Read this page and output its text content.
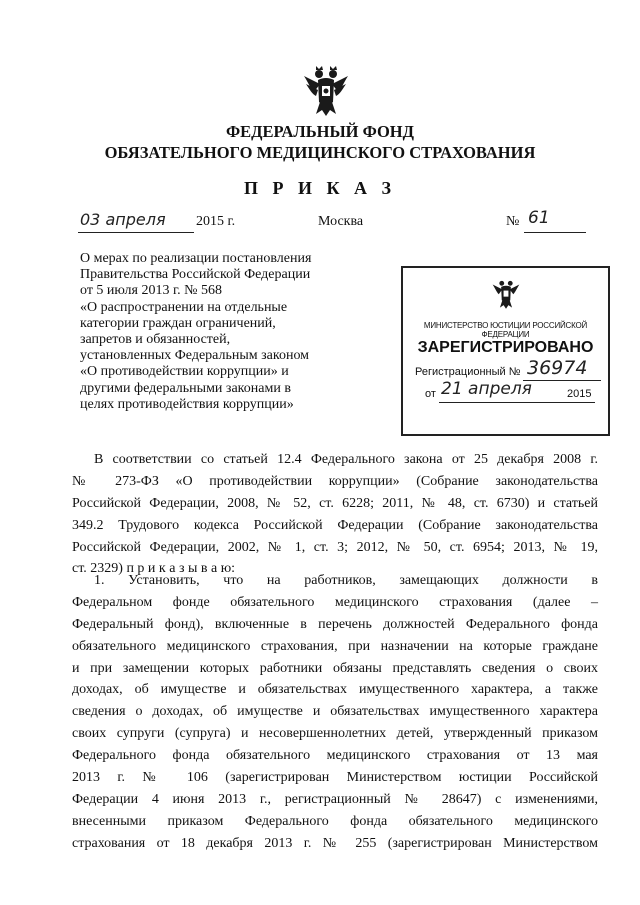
ФЕДЕРАЛЬНЫЙ ФОНД
ОБЯЗАТЕЛЬНОГО МЕДИЦИНСКОГО СТРАХОВАНИЯ
П Р И К А З
03 апреля 2015 г.	Москва	№ 61
О мерах по реализации постановления
Правительства Российской Федерации
от 5 июля 2013 г. № 568
«О распространении на отдельные
категории граждан ограничений,
запретов и обязанностей,
установленных Федеральным законом
«О противодействии коррупции» и
другими федеральными законами в
целях противодействия коррупции»
МИНИСТЕРСТВО ЮСТИЦИИ РОССИЙСКОЙ ФЕДЕРАЦИИ
ЗАРЕГИСТРИРОВАНО
Регистрационный № 36974
от 21 апреля	2015
В соответствии со статьей 12.4 Федерального закона от 25 декабря 2008 г.
№ 273-ФЗ «О противодействии коррупции» (Собрание законодательства
Российской Федерации, 2008, № 52, ст. 6228; 2011, № 48, ст. 6730) и статьей
349.2 Трудового кодекса Российской Федерации (Собрание законодательства
Российской Федерации, 2002, № 1, ст. 3; 2012, № 50, ст. 6954; 2013, № 19,
ст. 2329) п р и к а з ы в а ю:
1. Установить, что на работников, замещающих должности в
Федеральном фонде обязательного медицинского страхования (далее –
Федеральный фонд), включенные в перечень должностей Федерального фонда
обязательного медицинского страхования, при назначении на которые граждане
и при замещении которых работники обязаны представлять сведения о своих
доходах, об имуществе и обязательствах имущественного характера, а также
сведения о доходах, об имуществе и обязательствах имущественного характера
своих супруги (супруга) и несовершеннолетних детей, утвержденный приказом
Федерального фонда обязательного медицинского страхования от 13 мая
2013 г. № 106 (зарегистрирован Министерством юстиции Российской
Федерации 4 июня 2013 г., регистрационный № 28647) с изменениями,
внесенными приказом Федерального фонда обязательного медицинского
страхования от 18 декабря 2013 г. № 255 (зарегистрирован Министерством
